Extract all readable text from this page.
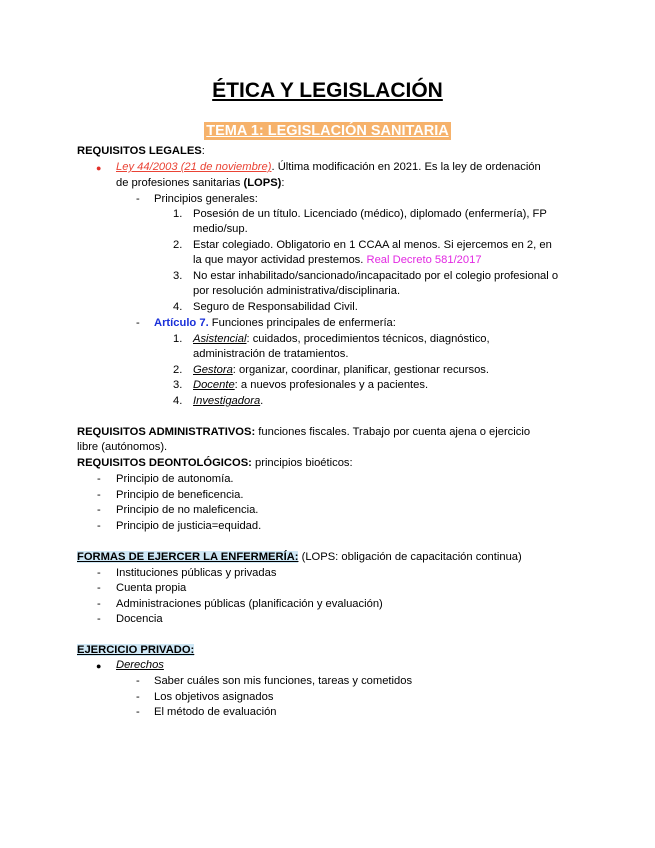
ÉTICA Y LEGISLACIÓN
TEMA 1: LEGISLACIÓN SANITARIA
REQUISITOS LEGALES:
● Ley 44/2003 (21 de noviembre). Última modificación en 2021. Es la ley de ordenación
de profesiones sanitarias (LOPS):
- Principios generales:
1. Posesión de un título. Licenciado (médico), diplomado (enfermería), FP
medio/sup.
2. Estar colegiado. Obligatorio en 1 CCAA al menos. Si ejercemos en 2, en
la que mayor actividad prestemos. Real Decreto 581/2017
3. No estar inhabilitado/sancionado/incapacitado por el colegio profesional o
por resolución administrativa/disciplinaria.
4. Seguro de Responsabilidad Civil.
- Artículo 7. Funciones principales de enfermería:
1. Asistencial: cuidados, procedimientos técnicos, diagnóstico,
administración de tratamientos.
2. Gestora: organizar, coordinar, planificar, gestionar recursos.
3. Docente: a nuevos profesionales y a pacientes.
4. Investigadora.
REQUISITOS ADMINISTRATIVOS: funciones fiscales. Trabajo por cuenta ajena o ejercicio
libre (autónomos).
REQUISITOS DEONTOLÓGICOS: principios bioéticos:
- Principio de autonomía.
- Principio de beneficencia.
- Principio de no maleficencia.
- Principio de justicia=equidad.
FORMAS DE EJERCER LA ENFERMERÍA: (LOPS: obligación de capacitación continua)
- Instituciones públicas y privadas
- Cuenta propia
- Administraciones públicas (planificación y evaluación)
- Docencia
EJERCICIO PRIVADO:
● Derechos
- Saber cuáles son mis funciones, tareas y cometidos
- Los objetivos asignados
- El método de evaluación
